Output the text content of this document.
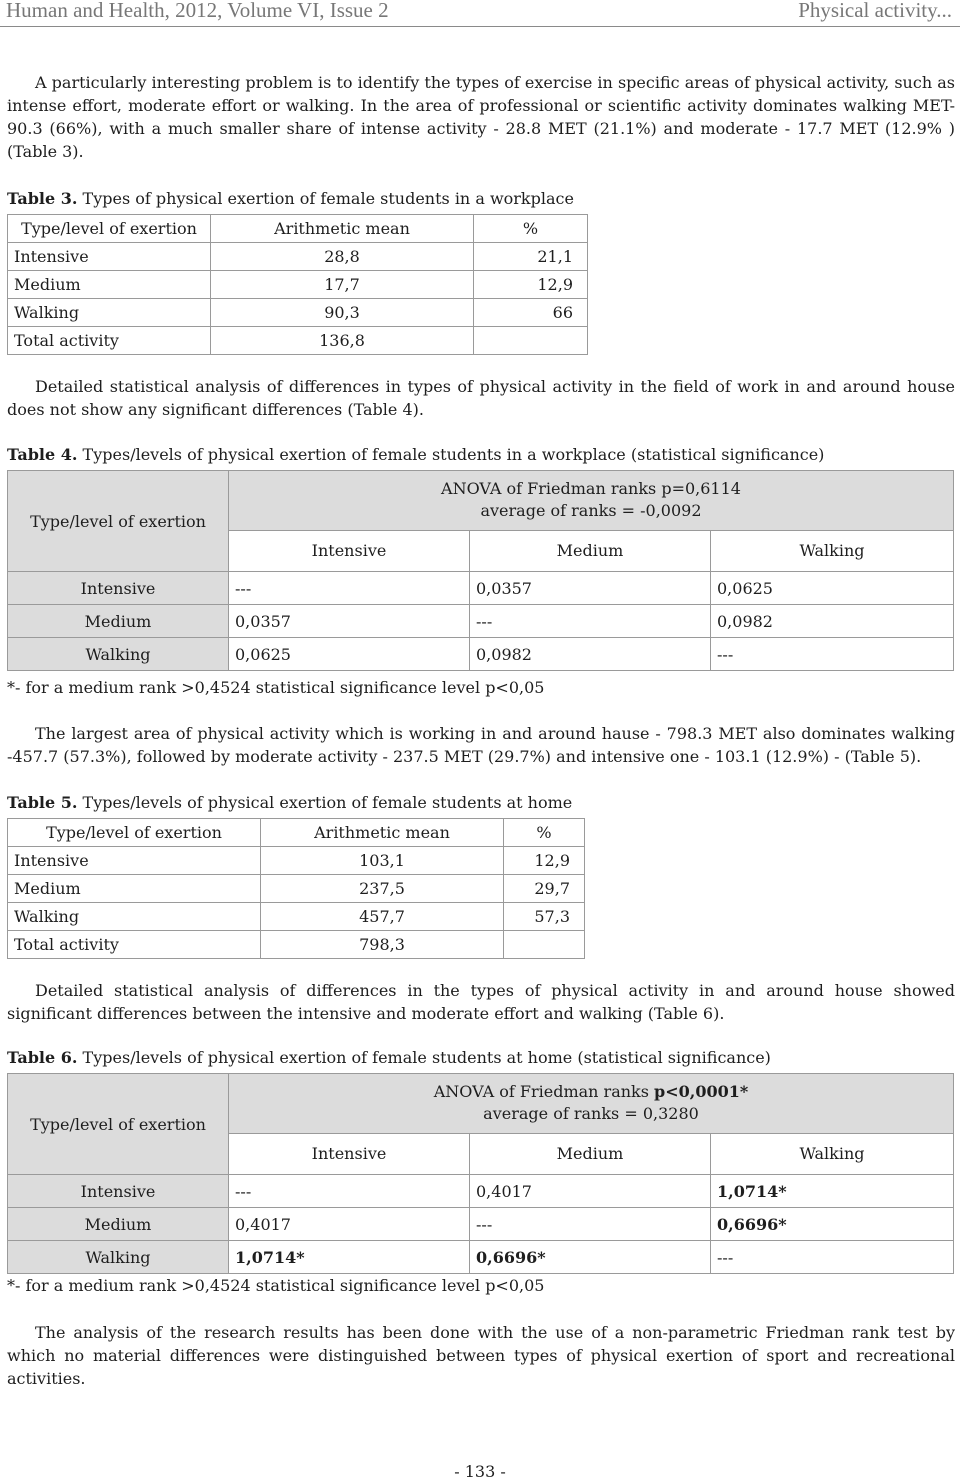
Human and Health, 2012, Volume VI, Issue 2	Physical activity...

A particularly interesting problem is to identify the types of exercise in specific areas of physical activity, such as intense effort, moderate effort or walking. In the area of professional or scientific activity dominates walking MET-90.3 (66%), with a much smaller share of intense activity - 28.8 MET (21.1%) and moderate - 17.7 MET (12.9% ) (Table 3).

Table 3. Types of physical exertion of female students in a workplace

Type/level of exertion	Arithmetic mean	%
Intensive	28,8	21,1
Medium	17,7	12,9
Walking	90,3	66
Total activity	136,8	

Detailed statistical analysis of differences in types of physical activity in the field of work in and around house does not show any significant differences (Table 4).

Table 4. Types/levels of physical exertion of female students in a workplace (statistical significance)

Type/level of exertion	ANOVA of Friedman ranks p=0,6114
average of ranks = -0,0092		

	Intensive	Medium	Walking
Intensive	---	0,0357	0,0625
Medium	0,0357	---	0,0982
Walking	0,0625	0,0982	---

*- for a medium rank >0,4524 statistical significance level p<0,05

The largest area of physical activity which is working in and around hause - 798.3 MET also dominates walking -457.7 (57.3%), followed by moderate activity - 237.5 MET (29.7%) and intensive one - 103.1 (12.9%) - (Table 5).

Table 5. Types/levels of physical exertion of female students at home

Type/level of exertion	Arithmetic mean	%
Intensive	103,1	12,9
Medium	237,5	29,7
Walking	457,7	57,3
Total activity	798,3	

Detailed statistical analysis of differences in the types of physical activity in and around house showed significant differences between the intensive and moderate effort and walking (Table 6).

Table 6. Types/levels of physical exertion of female students at home (statistical significance)

Type/level of exertion	ANOVA of Friedman ranks p<0,0001*
average of ranks = 0,3280		

	Intensive	Medium	Walking
Intensive	---	0,4017	1,0714*
Medium	0,4017	---	0,6696*
Walking	1,0714*	0,6696*	---

*- for a medium rank >0,4524 statistical significance level p<0,05

The analysis of the research results has been done with the use of a non-parametric Friedman rank test by which no material differences were distinguished between types of physical exertion of sport and recreational activities.

- 133 -
